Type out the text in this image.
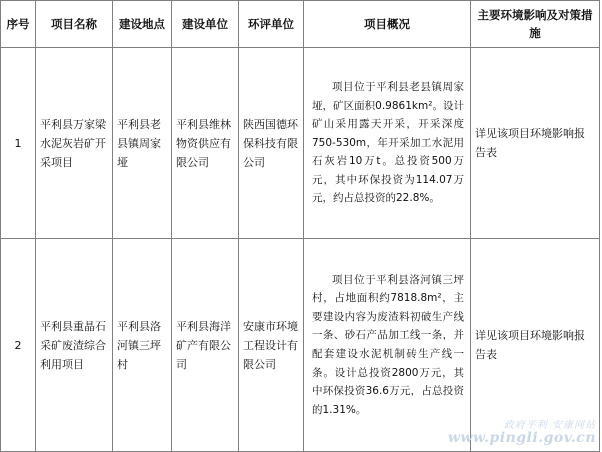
序号	项目名称	建设地点	建设单位	环评单位	项目概况	主要环境影响及对策措施
1	平利县万家梁水泥灰岩矿开采项目	平利县老县镇周家垭	平利县维林物资供应有限公司	陕西国德环保科技有限公司	项目位于平利县老县镇周家垭，矿区面积0.9861km²。设计矿山采用露天开采，开采深度750-530m，年开采加工水泥用石灰岩10万t。总投资500万元，其中环保投资为114.07万元，约占总投资的22.8%。	详见该项目环境影响报告表
2	平利县重晶石采矿废渣综合利用项目	平利县洛河镇三坪村	平利县海洋矿产有限公司	安康市环境工程设计有限公司	项目位于平利县洛河镇三坪村，占地面积约7818.8m²，主要建设内容为废渣料初破生产线一条、砂石产品加工线一条，并配套建设水泥机制砖生产线一条。设计总投资2800万元，其中环保投资36.6万元，占总投资的1.31%。	详见该项目环境影响报告表
政府平利 安康网站
www.pingli.gov.cn
